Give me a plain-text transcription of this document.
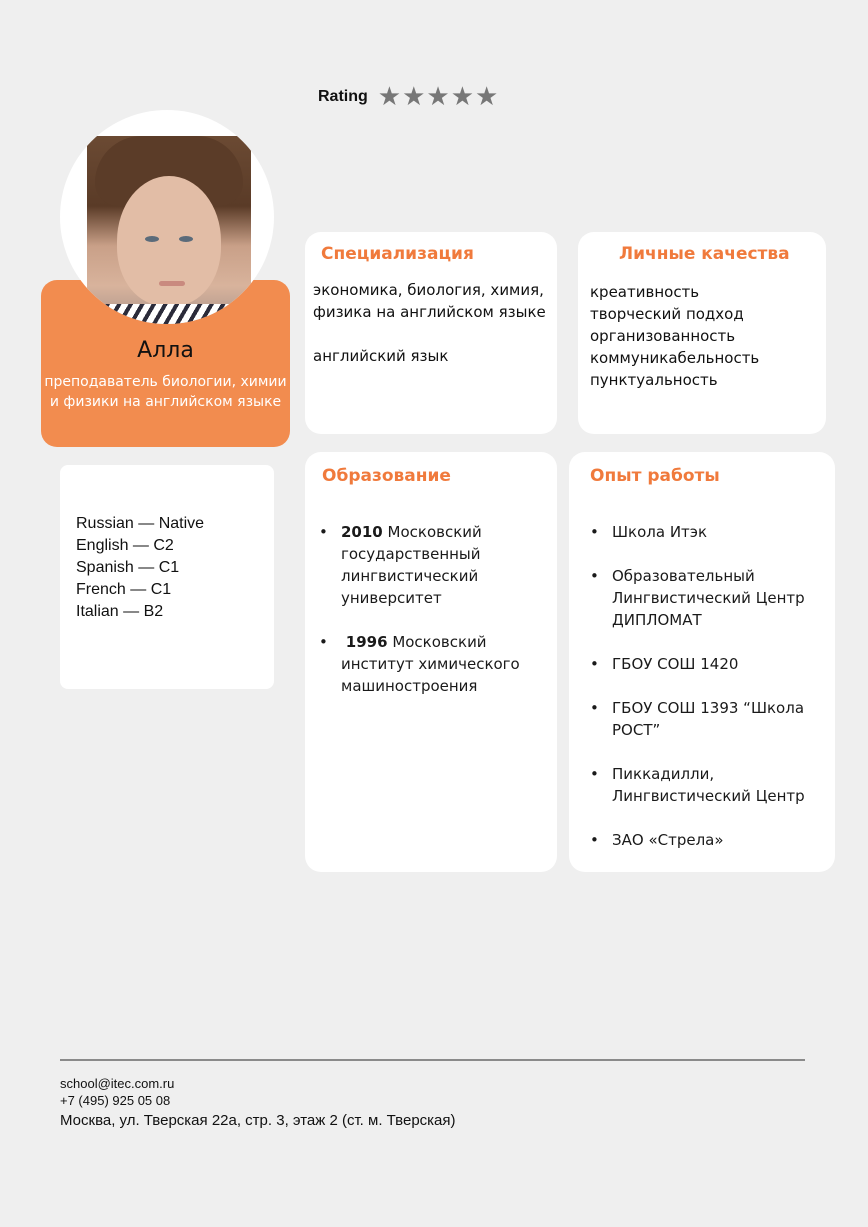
Rating ★ ★ ★ ★ ★
Алла
преподаватель биологии, химии
и физики на английском языке
Russian — Native
English — C2
Spanish — C1
French — C1
Italian — B2
Специализация
экономика, биология, химия,
физика на английском языке
английский язык
Личные качества
креативность
творческий подход
организованность
коммуникабельность
пунктуальность
Образование
• 2010 Московский
государственный
лингвистический
университет
• 1996 Московский
институт химического
машиностроения
Опыт работы
• Школа Итэк
• Образовательный
Лингвистический Центр
ДИПЛОМАТ
• ГБОУ СОШ 1420
• ГБОУ СОШ 1393 “Школа
РОСТ”
• Пиккадилли,
Лингвистический Центр
• ЗАО «Стрела»
school@itec.com.ru
+7 (495) 925 05 08
Москва, ул. Тверская 22а, стр. 3, этаж 2 (ст. м. Тверская)
